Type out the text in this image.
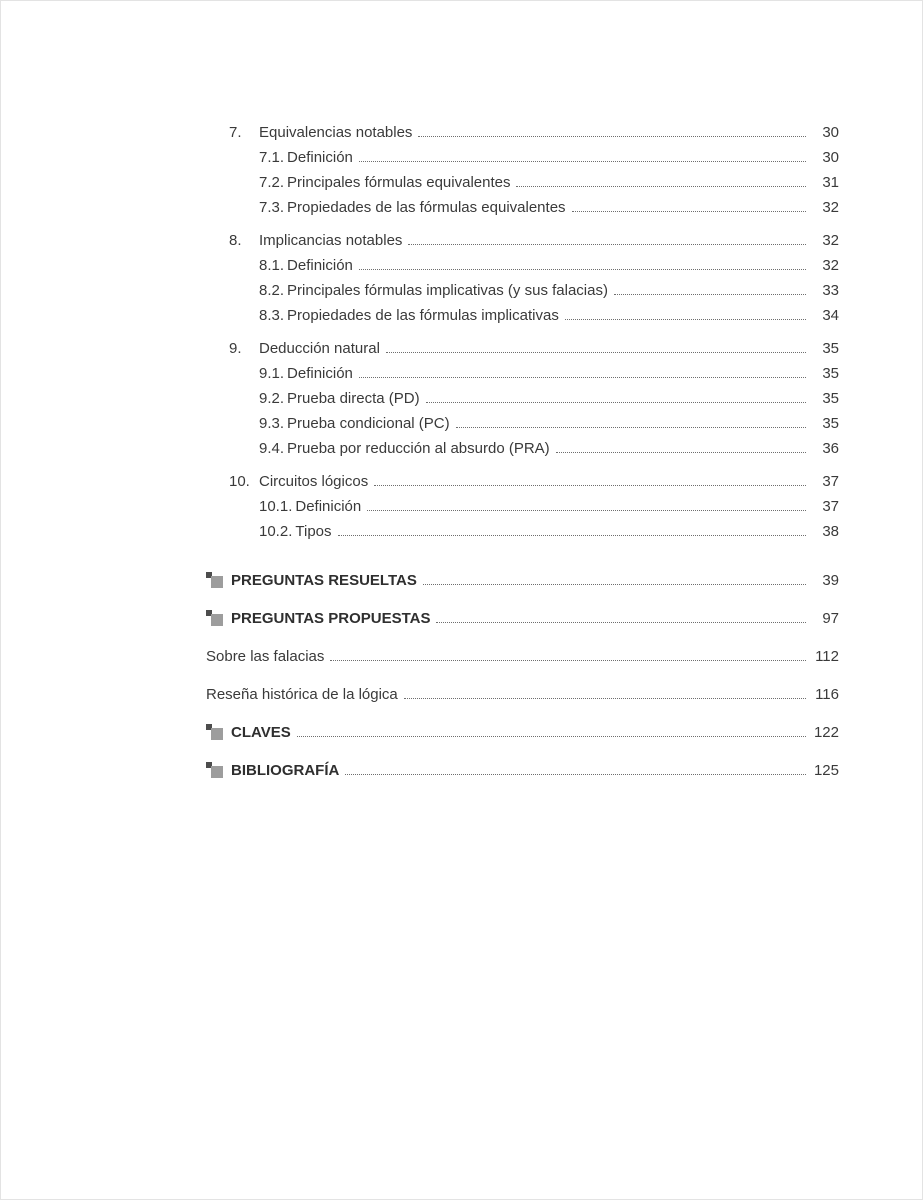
7.	Equivalencias notables	30
7.1. Definición	30
7.2. Principales fórmulas equivalentes	31
7.3. Propiedades de las fórmulas equivalentes	32
8.	Implicancias notables	32
8.1. Definición	32
8.2. Principales fórmulas implicativas (y sus falacias)	33
8.3. Propiedades de las fórmulas implicativas	34
9.	Deducción natural	35
9.1. Definición	35
9.2. Prueba directa (PD)	35
9.3. Prueba condicional (PC)	35
9.4. Prueba por reducción al absurdo (PRA)	36
10. Circuitos lógicos	37
10.1. Definición	37
10.2. Tipos	38
PREGUNTAS RESUELTAS	39
PREGUNTAS PROPUESTAS	97
Sobre las falacias	112
Reseña histórica de la lógica	116
CLAVES	122
BIBLIOGRAFÍA	125
